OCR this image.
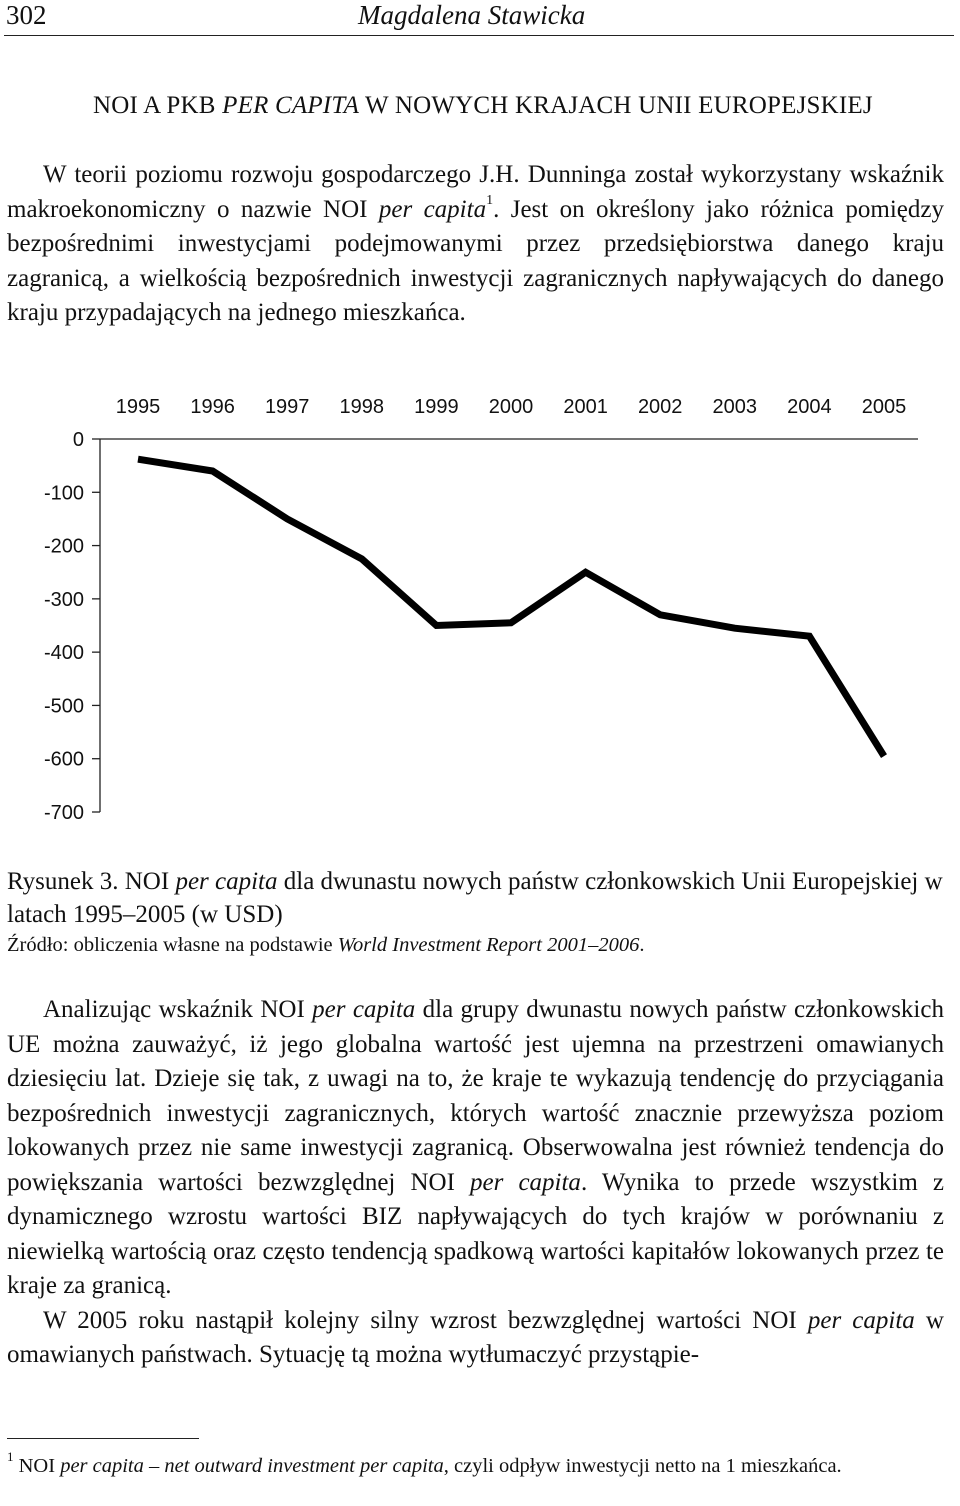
302	Magdalena Stawicka
NOI A PKB PER CAPITA W NOWYCH KRAJACH UNII EUROPEJSKIEJ

W teorii poziomu rozwoju gospodarczego J.H. Dunninga został wykorzystany wskaźnik makroekonomiczny o nazwie NOI per capita$^1$. Jest on określony jako różnica pomiędzy bezpośrednimi inwestycjami podejmowanymi przez przedsiębiorstwa danego kraju zagranicą, a wielkością bezpośrednich inwestycji zagranicznych napływających do danego kraju przypadających na jednego mieszkańca.

0
-100
-200
-300
-400
-500
-600
-700
1995 1996 1997 1998 1999 2000 2001 2002 2003 2004 2005
Rysunek 3. NOI per capita dla dwunastu nowych państw członkowskich Unii Europejskiej w latach 1995–2005 (w USD)
Źródło: obliczenia własne na podstawie World Investment Report 2001–2006.

Analizując wskaźnik NOI per capita dla grupy dwunastu nowych państw członkowskich UE można zauważyć, iż jego globalna wartość jest ujemna na przestrzeni omawianych dziesięciu lat. Dzieje się tak, z uwagi na to, że kraje te wykazują tendencję do przyciągania bezpośrednich inwestycji zagranicznych, których wartość znacznie przewyższa poziom lokowanych przez nie same inwestycji zagranicą. Obserwowalna jest również tendencja do powiększania wartości bezwzględnej NOI per capita. Wynika to przede wszystkim z dynamicznego wzrostu wartości BIZ napływających do tych krajów w porównaniu z niewielką wartością oraz często tendencją spadkową wartości kapitałów lokowanych przez te kraje za granicą.

W 2005 roku nastąpił kolejny silny wzrost bezwzględnej wartości NOI per capita w omawianych państwach. Sytuację tą można wytłumaczyć przystąpie-

$^1$ NOI per capita – net outward investment per capita, czyli odpływ inwestycji netto na 1 mieszkańca.
